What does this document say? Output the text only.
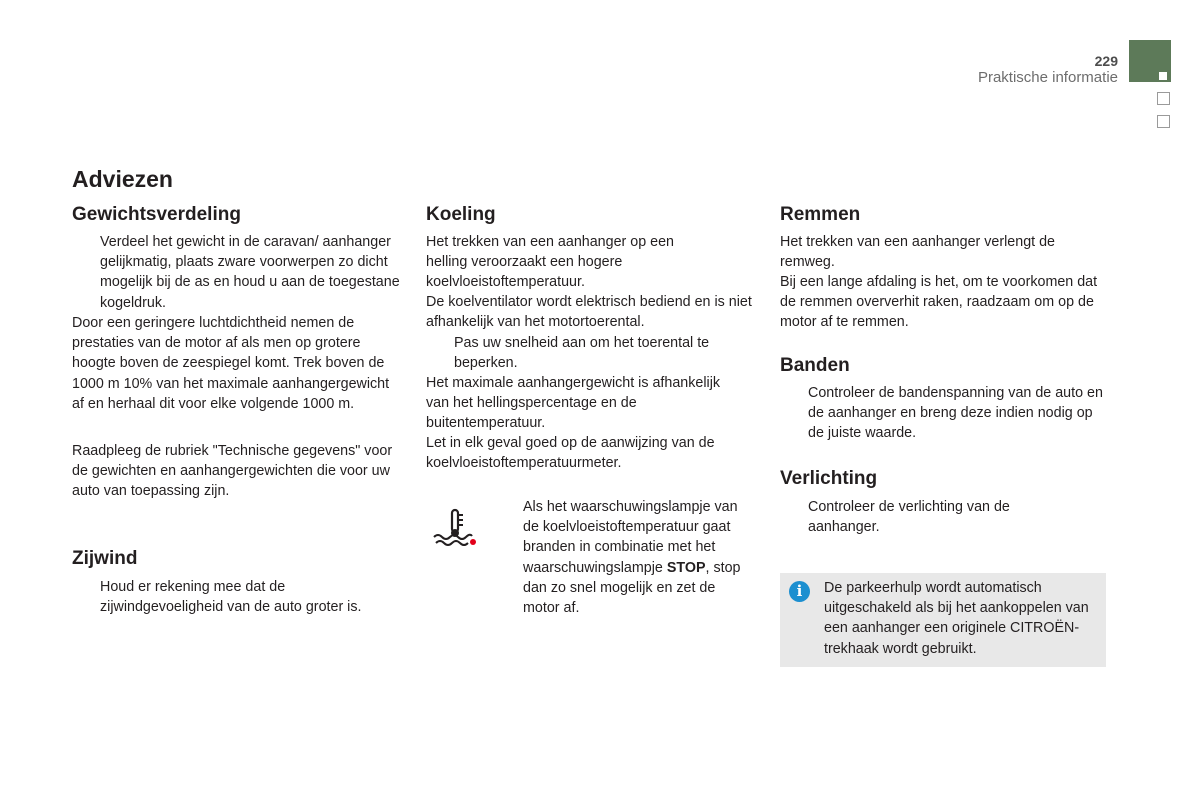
229
Praktische informatie
Adviezen
Gewichtsverdeling
Verdeel het gewicht in de caravan/ aanhanger gelijkmatig, plaats zware voorwerpen zo dicht mogelijk bij de as en houd u aan de toegestane kogeldruk.

Door een geringere luchtdichtheid nemen de prestaties van de motor af als men op grotere hoogte boven de zeespiegel komt. Trek boven de 1000 m 10% van het maximale aanhangergewicht af en herhaal dit voor elke volgende 1000 m.

Raadpleeg de rubriek "Technische gegevens" voor de gewichten en aanhangergewichten die voor uw auto van toepassing zijn.

Zijwind
Houd er rekening mee dat de zijwindgevoeligheid van de auto groter is.
Koeling

Het trekken van een aanhanger op een helling veroorzaakt een hogere koelvloeistoftemperatuur.

De koelventilator wordt elektrisch bediend en is niet afhankelijk van het motortoerental.

Pas uw snelheid aan om het toerental te beperken.

Het maximale aanhangergewicht is afhankelijk van het hellingspercentage en de buitentemperatuur.

Let in elk geval goed op de aanwijzing van de koelvloeistoftemperatuurmeter.

Als het waarschuwingslampje van de koelvloeistoftemperatuur gaat branden in combinatie met het waarschuwingslampje STOP, stop dan zo snel mogelijk en zet de motor af.
Remmen

Het trekken van een aanhanger verlengt de remweg.

Bij een lange afdaling is het, om te voorkomen dat de remmen oververhit raken, raadzaam om op de motor af te remmen.

Banden
Controleer de bandenspanning van de auto en de aanhanger en breng deze indien nodig op de juiste waarde.
Verlichting
Controleer de verlichting van de aanhanger.
i	De parkeerhulp wordt automatisch uitgeschakeld als bij het aankoppelen van een aanhanger een originele CITROËN-trekhaak wordt gebruikt.
